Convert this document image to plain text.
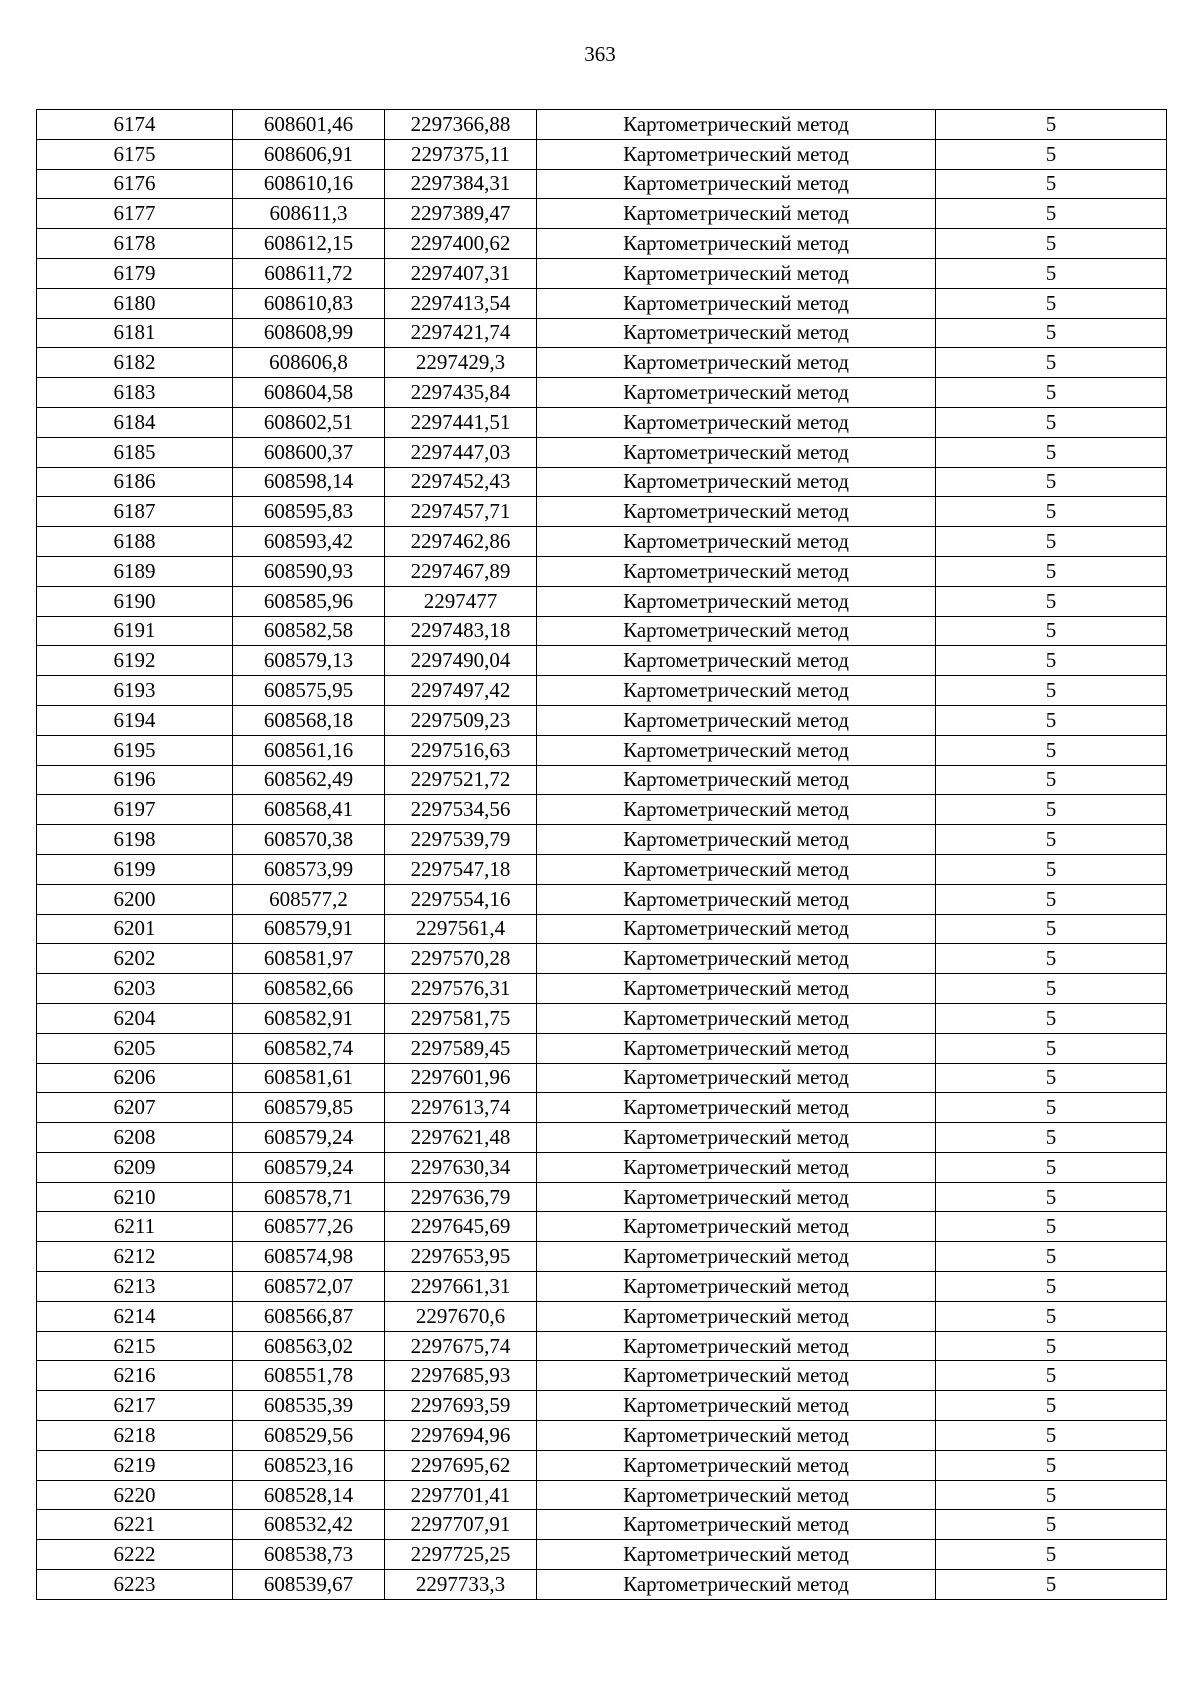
363
6174	608601,46	2297366,88	Картометрический метод	5
6175	608606,91	2297375,11	Картометрический метод	5
6176	608610,16	2297384,31	Картометрический метод	5
6177	608611,3	2297389,47	Картометрический метод	5
6178	608612,15	2297400,62	Картометрический метод	5
6179	608611,72	2297407,31	Картометрический метод	5
6180	608610,83	2297413,54	Картометрический метод	5
6181	608608,99	2297421,74	Картометрический метод	5
6182	608606,8	2297429,3	Картометрический метод	5
6183	608604,58	2297435,84	Картометрический метод	5
6184	608602,51	2297441,51	Картометрический метод	5
6185	608600,37	2297447,03	Картометрический метод	5
6186	608598,14	2297452,43	Картометрический метод	5
6187	608595,83	2297457,71	Картометрический метод	5
6188	608593,42	2297462,86	Картометрический метод	5
6189	608590,93	2297467,89	Картометрический метод	5
6190	608585,96	2297477	Картометрический метод	5
6191	608582,58	2297483,18	Картометрический метод	5
6192	608579,13	2297490,04	Картометрический метод	5
6193	608575,95	2297497,42	Картометрический метод	5
6194	608568,18	2297509,23	Картометрический метод	5
6195	608561,16	2297516,63	Картометрический метод	5
6196	608562,49	2297521,72	Картометрический метод	5
6197	608568,41	2297534,56	Картометрический метод	5
6198	608570,38	2297539,79	Картометрический метод	5
6199	608573,99	2297547,18	Картометрический метод	5
6200	608577,2	2297554,16	Картометрический метод	5
6201	608579,91	2297561,4	Картометрический метод	5
6202	608581,97	2297570,28	Картометрический метод	5
6203	608582,66	2297576,31	Картометрический метод	5
6204	608582,91	2297581,75	Картометрический метод	5
6205	608582,74	2297589,45	Картометрический метод	5
6206	608581,61	2297601,96	Картометрический метод	5
6207	608579,85	2297613,74	Картометрический метод	5
6208	608579,24	2297621,48	Картометрический метод	5
6209	608579,24	2297630,34	Картометрический метод	5
6210	608578,71	2297636,79	Картометрический метод	5
6211	608577,26	2297645,69	Картометрический метод	5
6212	608574,98	2297653,95	Картометрический метод	5
6213	608572,07	2297661,31	Картометрический метод	5
6214	608566,87	2297670,6	Картометрический метод	5
6215	608563,02	2297675,74	Картометрический метод	5
6216	608551,78	2297685,93	Картометрический метод	5
6217	608535,39	2297693,59	Картометрический метод	5
6218	608529,56	2297694,96	Картометрический метод	5
6219	608523,16	2297695,62	Картометрический метод	5
6220	608528,14	2297701,41	Картометрический метод	5
6221	608532,42	2297707,91	Картометрический метод	5
6222	608538,73	2297725,25	Картометрический метод	5
6223	608539,67	2297733,3	Картометрический метод	5
